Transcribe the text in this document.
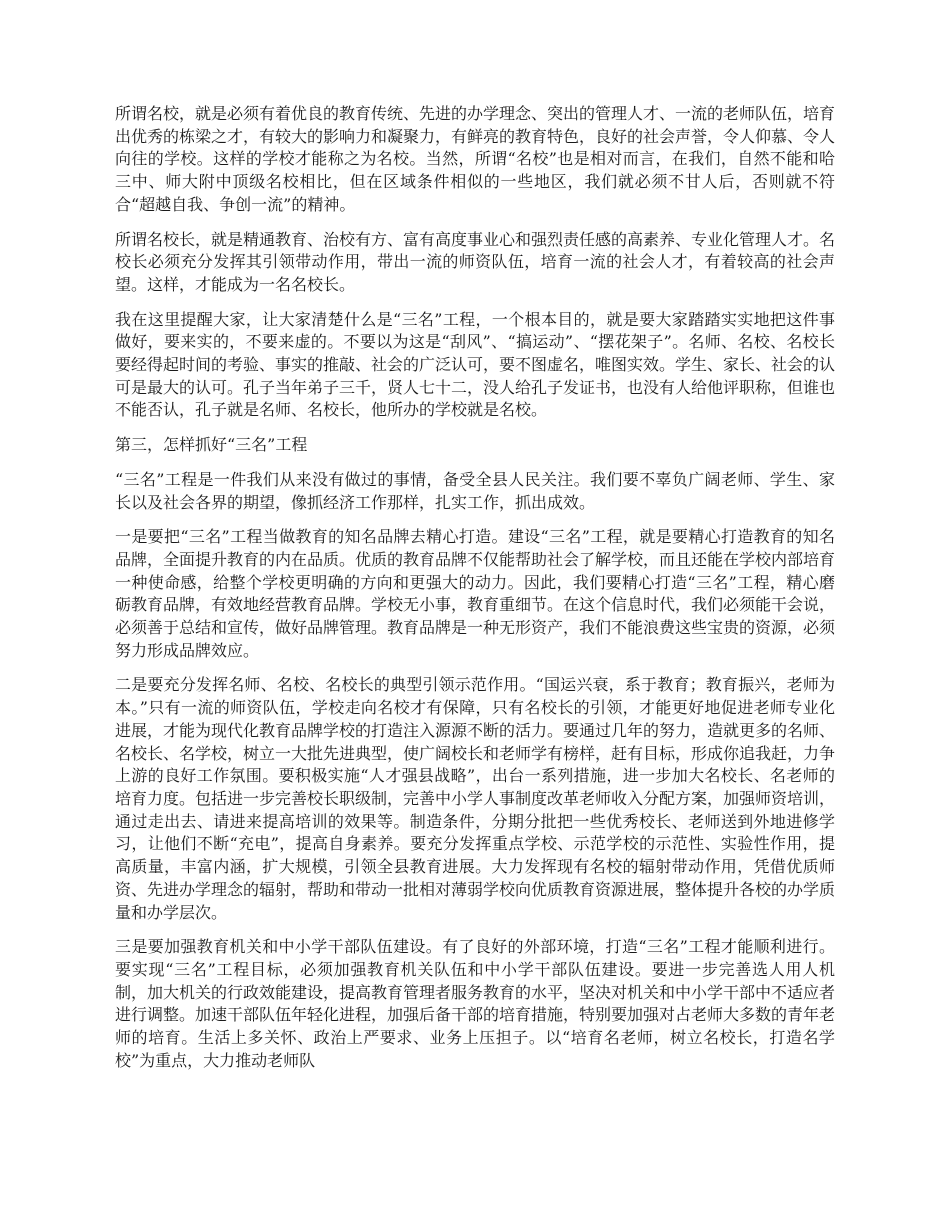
所谓名校，就是必须有着优良的教育传统、先进的办学理念、突出的管理人才、一流的老师队伍，培育出优秀的栋梁之才，有较大的影响力和凝聚力，有鲜亮的教育特色，良好的社会声誉，令人仰慕、令人向往的学校。这样的学校才能称之为名校。当然，所谓“名校”也是相对而言，在我们，自然不能和哈三中、师大附中顶级名校相比，但在区域条件相似的一些地区，我们就必须不甘人后，否则就不符合“超越自我、争创一流”的精神。

所谓名校长，就是精通教育、治校有方、富有高度事业心和强烈责任感的高素养、专业化管理人才。名校长必须充分发挥其引领带动作用，带出一流的师资队伍，培育一流的社会人才，有着较高的社会声望。这样，才能成为一名名校长。

我在这里提醒大家，让大家清楚什么是“三名”工程，一个根本目的，就是要大家踏踏实实地把这件事做好，要来实的，不要来虚的。不要以为这是“刮风”、“搞运动”、“摆花架子”。名师、名校、名校长要经得起时间的考验、事实的推敲、社会的广泛认可，要不图虚名，唯图实效。学生、家长、社会的认可是最大的认可。孔子当年弟子三千，贤人七十二，没人给孔子发证书，也没有人给他评职称，但谁也不能否认，孔子就是名师、名校长，他所办的学校就是名校。

第三，怎样抓好“三名”工程

“三名”工程是一件我们从来没有做过的事情，备受全县人民关注。我们要不辜负广阔老师、学生、家长以及社会各界的期望，像抓经济工作那样，扎实工作，抓出成效。

一是要把“三名”工程当做教育的知名品牌去精心打造。建设“三名”工程，就是要精心打造教育的知名品牌，全面提升教育的内在品质。优质的教育品牌不仅能帮助社会了解学校，而且还能在学校内部培育一种使命感，给整个学校更明确的方向和更强大的动力。因此，我们要精心打造“三名”工程，精心磨砺教育品牌，有效地经营教育品牌。学校无小事，教育重细节。在这个信息时代，我们必须能干会说，必须善于总结和宣传，做好品牌管理。教育品牌是一种无形资产，我们不能浪费这些宝贵的资源，必须努力形成品牌效应。

二是要充分发挥名师、名校、名校长的典型引领示范作用。“国运兴衰，系于教育；教育振兴，老师为本。”只有一流的师资队伍，学校走向名校才有保障，只有名校长的引领，才能更好地促进老师专业化进展，才能为现代化教育品牌学校的打造注入源源不断的活力。要通过几年的努力，造就更多的名师、名校长、名学校，树立一大批先进典型，使广阔校长和老师学有榜样，赶有目标，形成你追我赶，力争上游的良好工作氛围。要积极实施“人才强县战略”，出台一系列措施，进一步加大名校长、名老师的培育力度。包括进一步完善校长职级制，完善中小学人事制度改革老师收入分配方案，加强师资培训，通过走出去、请进来提高培训的效果等。制造条件，分期分批把一些优秀校长、老师送到外地进修学习，让他们不断“充电”，提高自身素养。要充分发挥重点学校、示范学校的示范性、实验性作用，提高质量，丰富内涵，扩大规模，引领全县教育进展。大力发挥现有名校的辐射带动作用，凭借优质师资、先进办学理念的辐射，帮助和带动一批相对薄弱学校向优质教育资源进展，整体提升各校的办学质量和办学层次。

三是要加强教育机关和中小学干部队伍建设。有了良好的外部环境，打造“三名”工程才能顺利进行。要实现“三名”工程目标，必须加强教育机关队伍和中小学干部队伍建设。要进一步完善选人用人机制，加大机关的行政效能建设，提高教育管理者服务教育的水平，坚决对机关和中小学干部中不适应者进行调整。加速干部队伍年轻化进程，加强后备干部的培育措施，特别要加强对占老师大多数的青年老师的培育。生活上多关怀、政治上严要求、业务上压担子。以“培育名老师，树立名校长，打造名学校”为重点，大力推动老师队
